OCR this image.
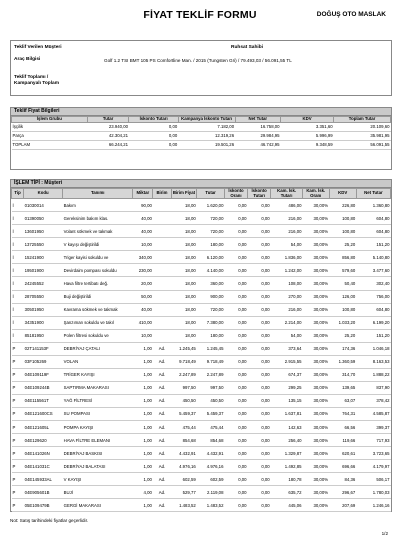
FİYAT TEKLİF FORMU	DOĞUŞ OTO MASLAK
Teklif Verilen Müşteri
Araç Bilgisi
Teklif Toplamı /
Kampanyalı Toplam
Ruhsat Sahibi
Golf 1.2 TSI BMT 105 PS Comfortline Man. / 2015 (Tungsten Gri) / 79.493,03 / 56.091,55 TL
Teklif Fiyat Bilgileri
İşlem Grubu	Tutar	İskonto Tutarı	Kampanya İskonto Tutarı	Net Tutar	KDV	Toplam Tutar
İşçilik	23.940,00	0,00	7.182,00	16.758,00	3.351,60	20.109,60
Parça	42.304,21	0,00	12.319,26	29.984,95	5.996,99	35.981,95
TOPLAM	66.244,21	0,00	19.501,26	46.742,95	9.348,59	56.091,55
İŞLEM TİPİ : Müşteri
Tip	Kodu	Tanımı	Miktar	Birim	Birim Fiyat	Tutar	İskonto Oranı	İskonto Tutarı	Kam. İsk. Tutarı	Kam. İsk. Oranı	KDV	Net Tutar
İ	01030014	Bakım	90,00		18,00	1.620,00	0,00	0,00	486,00	30,00%	226,80	1.360,80
İ	01390050	Gereksinim bakım klas.	40,00		18,00	720,00	0,00	0,00	216,00	30,00%	100,80	604,80
İ	13601950	Volant sökmek ve takmak	40,00		18,00	720,00	0,00	0,00	216,00	30,00%	100,80	604,80
İ	13725550	V kayışı değiştirildi	10,00		18,00	180,00	0,00	0,00	54,00	30,00%	25,20	151,20
İ	15241900	Triger kayisi sokuldu ve	340,00		18,00	6.120,00	0,00	0,00	1.836,00	30,00%	856,80	5.140,80
İ	19501900	Devirdaim pompası sokuldu	230,00		18,00	4.140,00	0,00	0,00	1.242,00	30,00%	579,60	3.477,60
İ	24245552	Hava filtre tertibatı değ.	20,00		18,00	360,00	0,00	0,00	108,00	30,00%	50,40	302,40
İ	28705550	Buji değiştirildi	50,00		18,00	900,00	0,00	0,00	270,00	30,00%	126,00	756,00
İ	30501950	Kavrama sökmek ve takmak	40,00		18,00	720,00	0,00	0,00	216,00	30,00%	100,80	604,80
İ	34351900	Şanzıman sokuldu ve takıl	410,00		18,00	7.380,00	0,00	0,00	2.214,00	30,00%	1.033,20	6.199,20
İ	85181950	Polen filtresi sokuldu ve	10,00		18,00	180,00	0,00	0,00	54,00	30,00%	25,20	151,20
P	02T141153F	DEBRİYAJ ÇATALI	1,00	Ad.	1.245,45	1.245,45	0,00	0,00	373,64	30,00%	174,36	1.046,18
P	03F105269	VOLAN	1,00	Ad.	9.718,49	9.718,49	0,00	0,00	2.915,55	30,00%	1.360,59	8.163,53
P	04E109119F	TRİGER KAYIŞI	1,00	Ad.	2.247,89	2.247,89	0,00	0,00	674,37	30,00%	314,70	1.888,22
P	04E109244B	SAPTIRMA MAKARASI	1,00	Ad.	997,50	997,50	0,00	0,00	299,25	30,00%	139,65	837,90
P	04E115561T	YAĞ FİLTRESİ	1,00	Ad.	450,50	450,50	0,00	0,00	135,15	30,00%	63,07	378,42
P	04E121600CS	SU POMPASI	1,00	Ad.	5.459,37	5.459,37	0,00	0,00	1.637,81	30,00%	764,31	4.585,87
P	04E121605L	POMPA KAYIŞI	1,00	Ad.	475,44	475,44	0,00	0,00	142,63	30,00%	66,56	399,37
P	04E129620	HAVA FİLTRE ELEMANI	1,00	Ad.	854,68	854,68	0,00	0,00	256,40	30,00%	119,66	717,93
P	04E141026N	DEBRİYAJ BASKISI	1,00	Ad.	4.432,91	4.432,91	0,00	0,00	1.329,87	30,00%	620,61	3.723,65
P	04E141031C	DEBRİYAJ BALATASI	1,00	Ad.	4.976,16	4.976,16	0,00	0,00	1.492,85	30,00%	696,66	4.179,97
P	04E145933AL	V KAYIŞI	1,00	Ad.	602,59	602,59	0,00	0,00	180,78	30,00%	84,36	506,17
P	04E905601B	BUJİ	4,00	Ad.	529,77	2.119,08	0,00	0,00	635,72	30,00%	296,67	1.780,03
P	05E109479B	GERGİ MAKARASI	1,00	Ad.	1.483,52	1.483,52	0,00	0,00	445,06	30,00%	207,69	1.246,16
Not: Satış tarihindeki fiyatlar geçerlidir.
1/2
